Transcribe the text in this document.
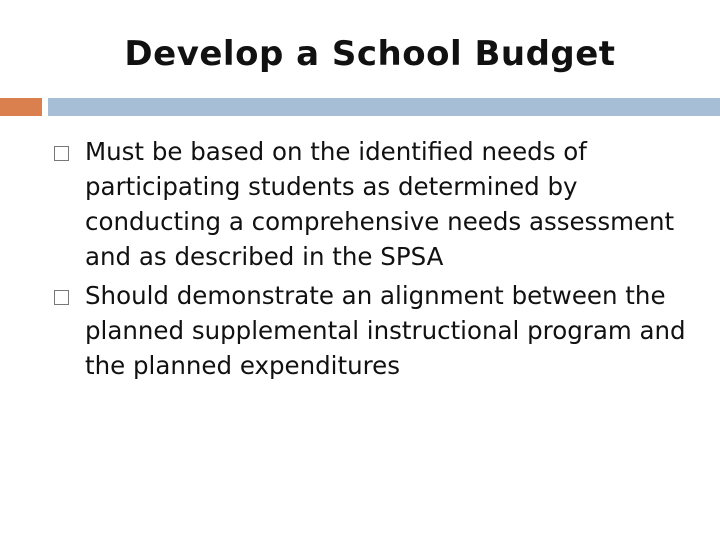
Develop a School Budget
Must be based on the identified needs of participating students as determined by conducting a comprehensive needs assessment and as described in the SPSA
Should demonstrate an alignment between the planned supplemental instructional program and the planned expenditures
